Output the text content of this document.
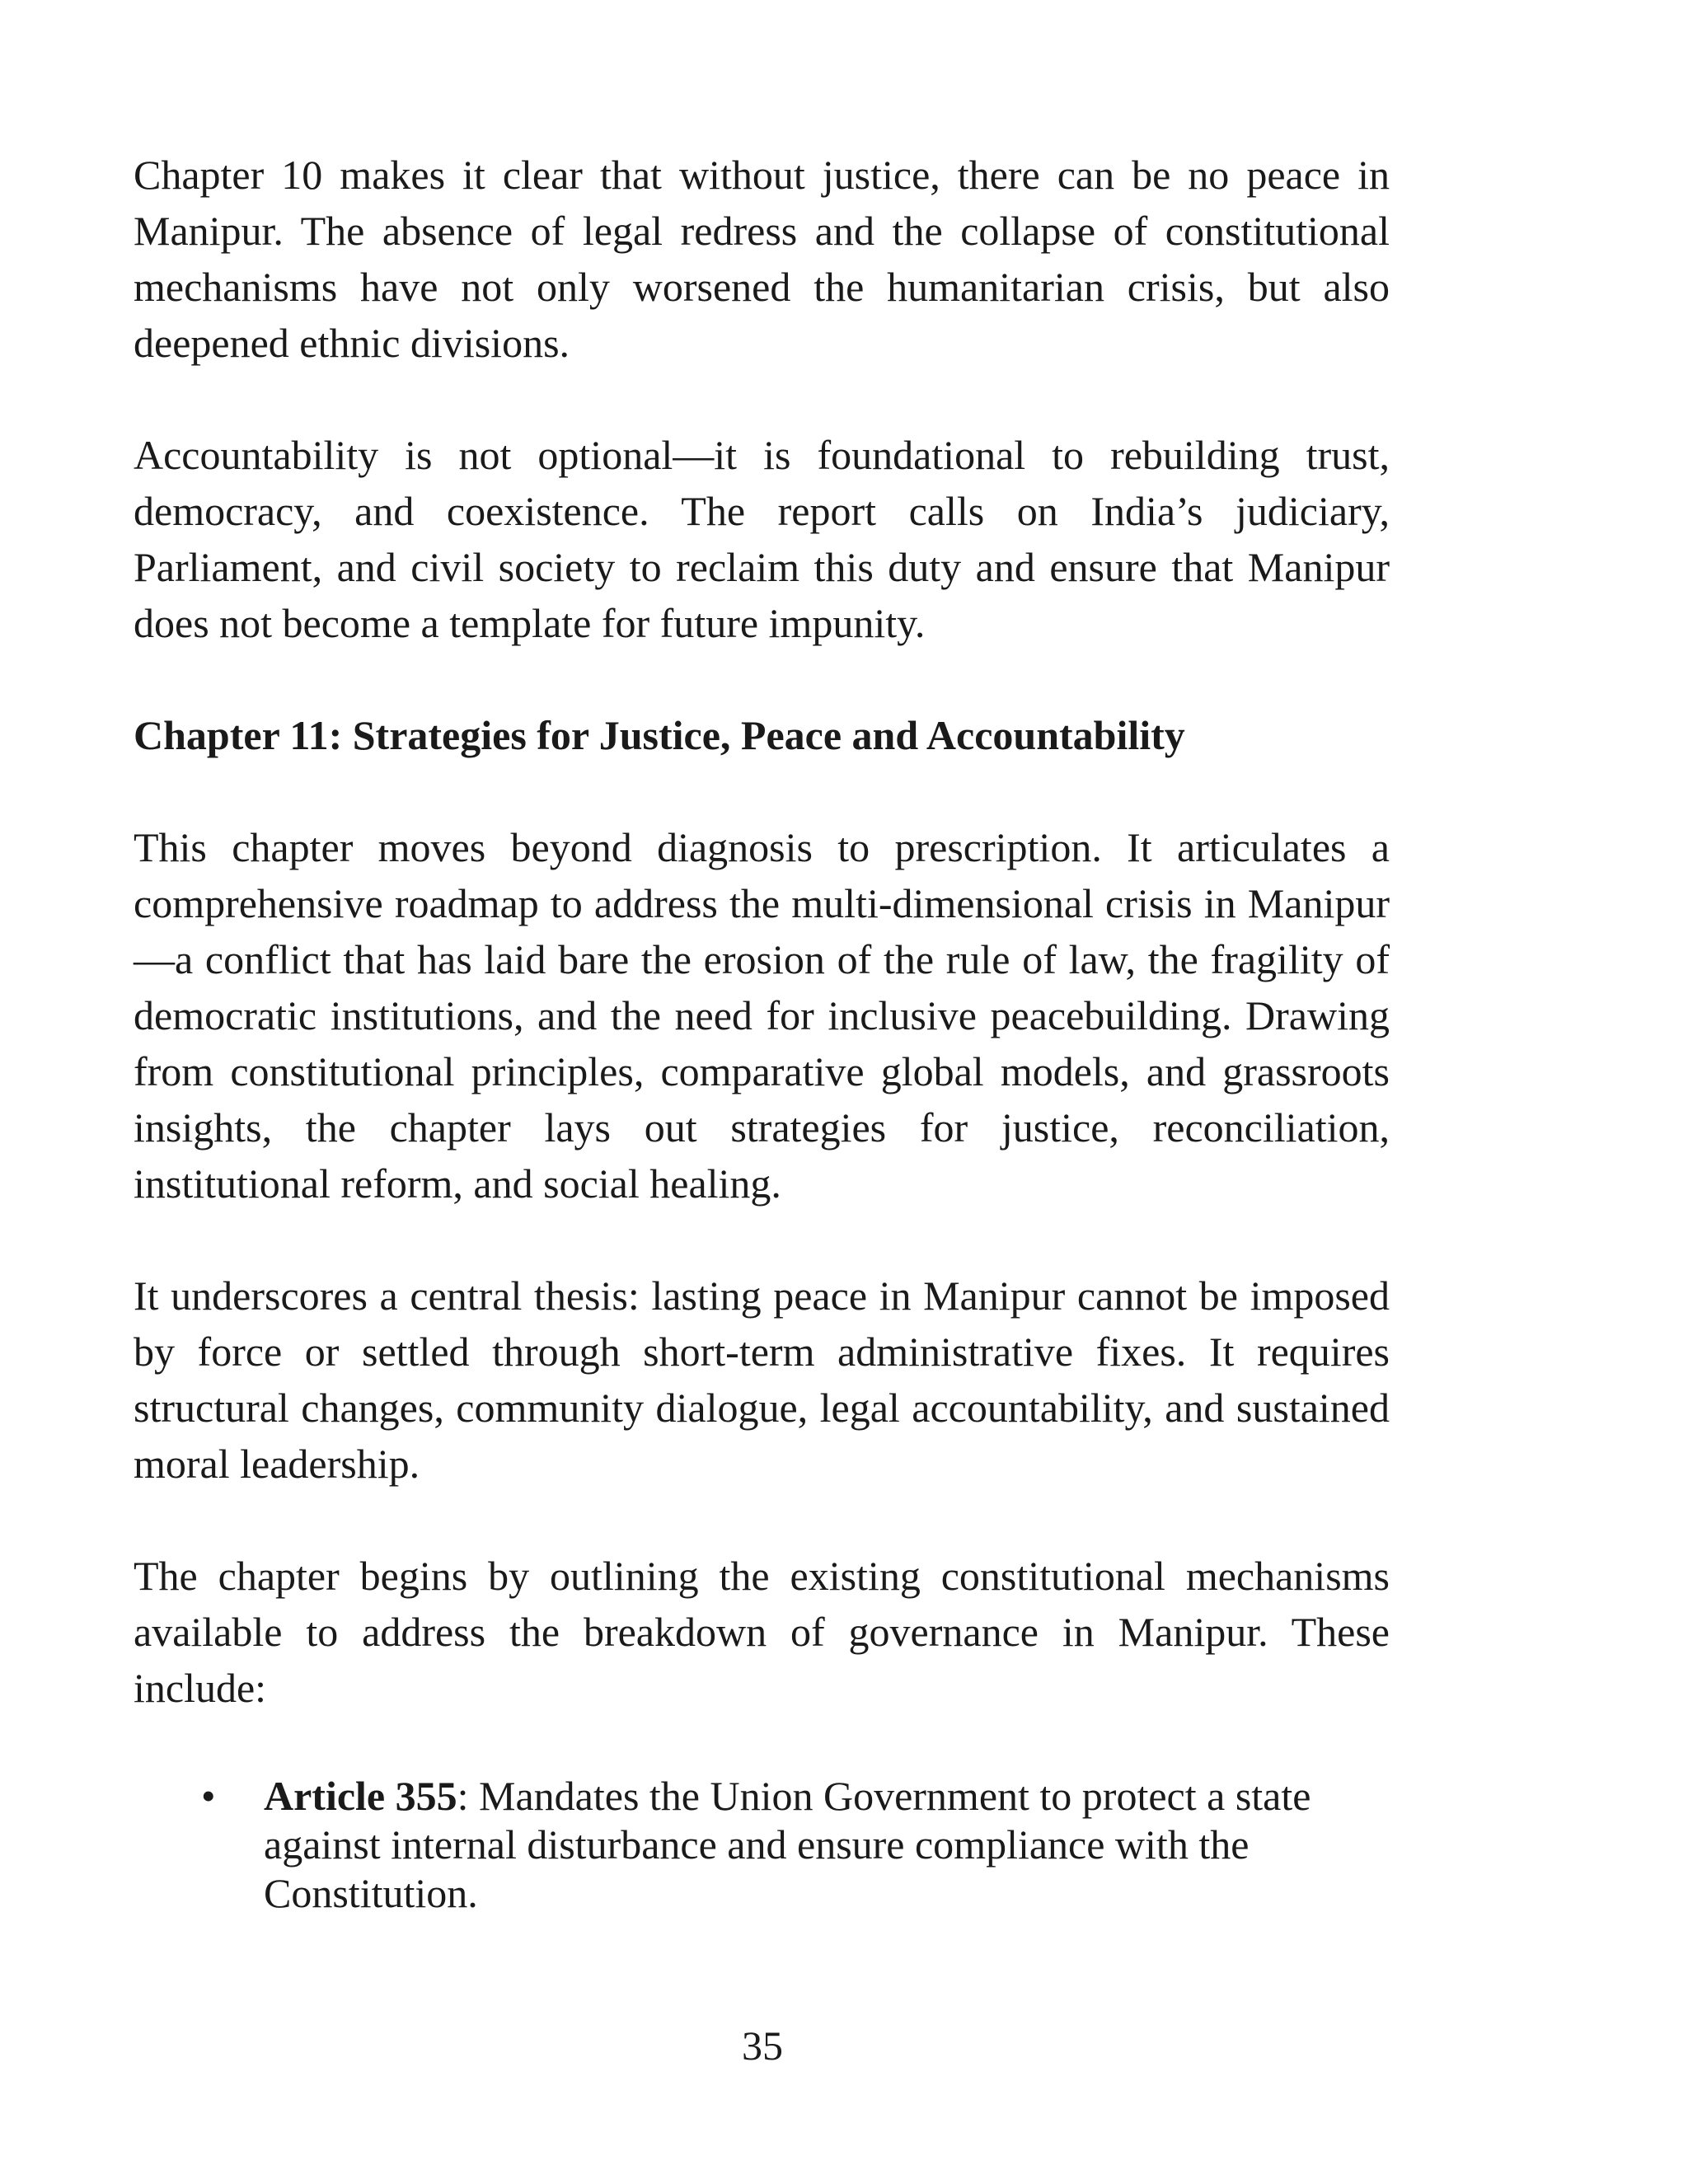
Chapter 10 makes it clear that without justice, there can be no peace in Manipur. The absence of legal redress and the collapse of constitutional mechanisms have not only worsened the humanitarian crisis, but also deepened ethnic divisions.

Accountability is not optional—it is foundational to rebuilding trust, democracy, and coexistence. The report calls on India’s judiciary, Parliament, and civil society to reclaim this duty and ensure that Manipur does not become a template for future impunity.

Chapter 11: Strategies for Justice, Peace and Accountability

This chapter moves beyond diagnosis to prescription. It articulates a comprehensive roadmap to address the multi-dimensional crisis in Manipur—a conflict that has laid bare the erosion of the rule of law, the fragility of democratic institutions, and the need for inclusive peacebuilding. Drawing from constitutional principles, comparative global models, and grassroots insights, the chapter lays out strategies for justice, reconciliation, institutional reform, and social healing.

It underscores a central thesis: lasting peace in Manipur cannot be imposed by force or settled through short-term administrative fixes. It requires structural changes, community dialogue, legal accountability, and sustained moral leadership.

The chapter begins by outlining the existing constitutional mechanisms available to address the breakdown of governance in Manipur. These include:

• Article 355: Mandates the Union Government to protect a state against internal disturbance and ensure compliance with the Constitution.
35
